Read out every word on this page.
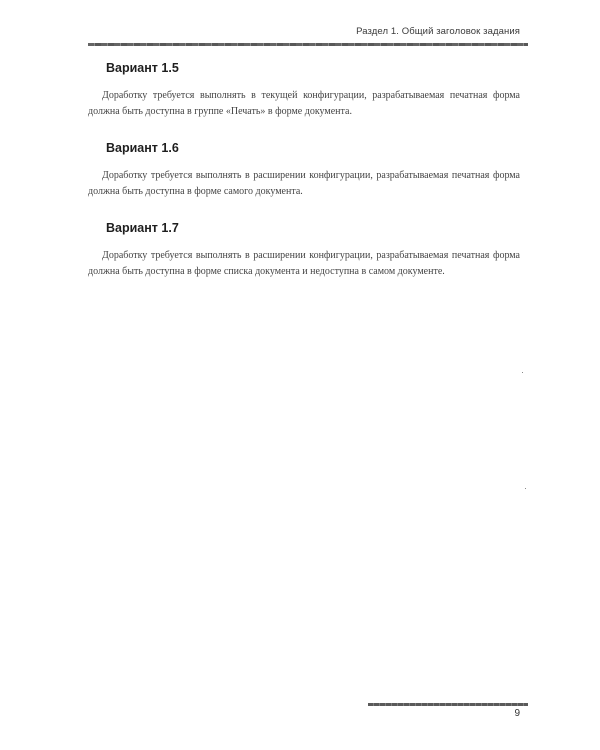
Раздел 1. Общий заголовок задания
Вариант 1.5
Доработку требуется выполнять в текущей конфигурации, разрабатываемая печатная форма должна быть доступна в группе «Печать» в форме документа.
Вариант 1.6
Доработку требуется выполнять в расширении конфигурации, разрабатываемая печатная форма должна быть доступна в форме самого документа.
Вариант 1.7
Доработку требуется выполнять в расширении конфигурации, разрабатываемая печатная форма должна быть доступна в форме списка документа и недоступна в самом документе.
9
